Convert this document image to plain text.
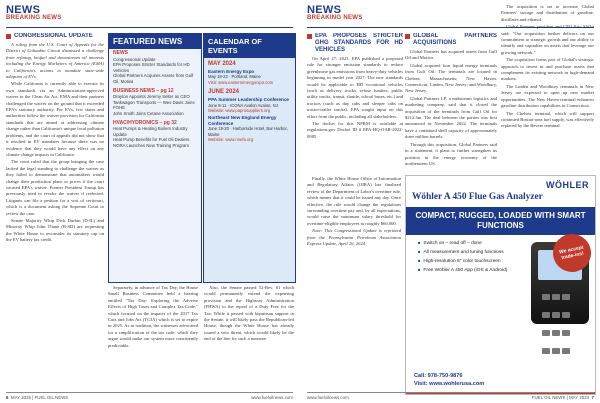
NEWS
BREAKING NEWS
CONGRESSIONAL UPDATE

A ruling from the U.S. Court of Appeals for the District of Columbia Circuit dismissed a challenge from refining, biofuel and downstream oil interests including the Energy Marketers of America (EMA) to California's actions to mandate state-wide adoption of EVs.

While California is currently able to execute its own standards via an Administration-approved waiver to the Clean Air Act, EMA and their partners challenged the waiver on the ground that it exceeded EPA's statutory authority. For EVs, few states and authorities follow the waiver provision for California standards that are aimed at addressing climate change rather than California's unique local pollution problems, and the court of appeals did not show that it resulted in EV mandates because there was no evidence that they would have any effect on any climate change impacts in California.

The court ruled that the group bringing the case lacked the legal standing to challenge the waiver as they failed to demonstrate that automakers would change their production plans or prices if the court vacated EPA's waiver. Former President Trump has previously tried to revoke the waiver if reelected. Litigants can file a petition for a writ of certiorari, which is a document asking the Supreme Court to review the case.

Senate Majority Whip Dick Durbin (D-IL) and Minority Whip John Thune (R-SD) are requesting the White House to reconsider its statutory cap on the EV battery tax credit.

FEATURED NEWS
NEWS
Congressional Update
EPA Proposes Stricter Standards for HD Vehicles
Global Partners Acquires Assets from Gulf Oil, Motiva
BUSINESS NEWS – pg 12
Drayton Appoints Jeremy Selter as CEO
Tankwagon Transports — Wes Davis Joins FOHE
John Smith Joins Cetane Association
HVAC/HYDRONICS – pg 32
Heat Pumps & Heating Boilers Industry Update
Heat Pump Benefits for Fuel Oil Dealers
NORA Launches New Training Program
CALENDAR OF EVENTS
MAY 2024
Eastern Energy Expo
May 19-22 · Portland, Maine
Visit: www.easternenergyexpo.com
JUNE 2024
PPA Summer Leadership Conference
June 8-11 · ICONA Avalon Avalon, NJ
Website: www.paprosuppliers.org
Northeast New England Energy Conference
June 19-20 · Harborside Hotel, Bar Harbor, Maine
Website: www.nnefa.org

Separately, in advance of Tax Day, the House Small Business Committee held a hearing entitled "Tax Day: Exploring the Adverse Effects of High Taxes and Complex Tax Code," which focused on the impacts of the 2017 Tax Cuts and Jobs Act (TCJA) which is set to expire in 2025. As in tradition, the witnesses advocated for a simplification of the tax code, which they argue would make our system more consistently predictable.

Also, the Senate passed 52-Rev. 61 which would permanently extend the expensing provision and the Highway Administration (FHWA) to the repeal of a Duty Free for the Tax. While it passed with bipartisan support in the Senate, it will likely pass the Republican-led House, though the White House has already issued a veto threat, which would likely be the end of the line for such a measure.

6 MAY 2025 | FUEL OIL NEWS	www.fueloilnews.com
NEWS
BREAKING NEWS
EPA PROPOSES STRICTER GHG STANDARDS FOR HD VEHICLES

On April 27, 2023, EPA published a proposed rule for stronger emission standards to reduce greenhouse gas emissions from heavy-duty vehicles beginning in model year 2027. The new standards would be applicable to HD vocational vehicles (such as delivery trucks, refuse haulers, public utility trucks, transit, shuttle, school buses, etc.) and tractors (such as day cabs and sleeper cabs on tractor-trailer trucks). EPA sought input on this effort from the public, including all stakeholders.

The docket for this NPRM is available at regulations.gov Docket ID # EPA-HQ-OAR-2022-0985.

GLOBAL PARTNERS ACQUISITIONS

Global Partners has acquired assets from Gulf Oil and Motiva.

Global acquired four liquid energy terminals from Gulf Oil. The terminals are located in Chelsea, Massachusetts; New Haven, Connecticut; Linden, New Jersey; and Woodbury, New Jersey.

Global Partners LP, a midstream logistics and marketing company, said that it closed the acquisition of the terminals from Gulf Oil for $212.3m. The deal between the parties was first announced in November 2022. The terminals have a combined shell capacity of approximately three million barrels.

Through this acquisition, Global Partners said in a statement, it plans to further strengthen its position in the energy economy of the northeastern US.

The acquisition is set to increase Global Partners' storage and distribution of gasoline, distillates and ethanol.

Global Partners president and CEO Eric Slifka said: "Our acquisition further delivers on our commitment to strategic growth and our ability to identify and capitalize on assets that leverage our growing network."

The acquisition forms part of Global's strategic approach to invest in and purchase assets that complement its existing network in high-demand markets.

The Linden and Woodbury terminals in New Jersey are expected to open up new market opportunities. The New Haven terminal enhances gasoline distribution capabilities in Connecticut.

The Chelsea terminal, which will support continued Boston-area fuel supply, was effectively replaced by the Revere terminal.

Finally, the White House Office of Information and Regulatory Affairs (OIRA) has finalized review of the Department of Labor's overtime rule, which means that it could be issued any day. Once effective, the rule would change the regulations surrounding overtime pay and, by all expectations, would raise the minimum salary threshold for overtime-eligible employees to roughly $60,000.

Note: This Congressional Update is reprinted from the Pennsylvania Petroleum Association Express Update, April 16, 2024.

WÖHLER
Wöhler A 450 Flue Gas Analyzer
COMPACT, RUGGED, LOADED WITH SMART FUNCTIONS
■ Switch on – read off – done
■ All measurement and tuning functions
■ High-resolution 5" color touchscreen
■ Free Wöhler A 450 App (iOS & Android)
We accept trade-ins!
Call: 978-750-9876
Visit: www.wohlerusa.com
www.fueloilnews.com	FUEL OIL NEWS | MAY 2024 7
